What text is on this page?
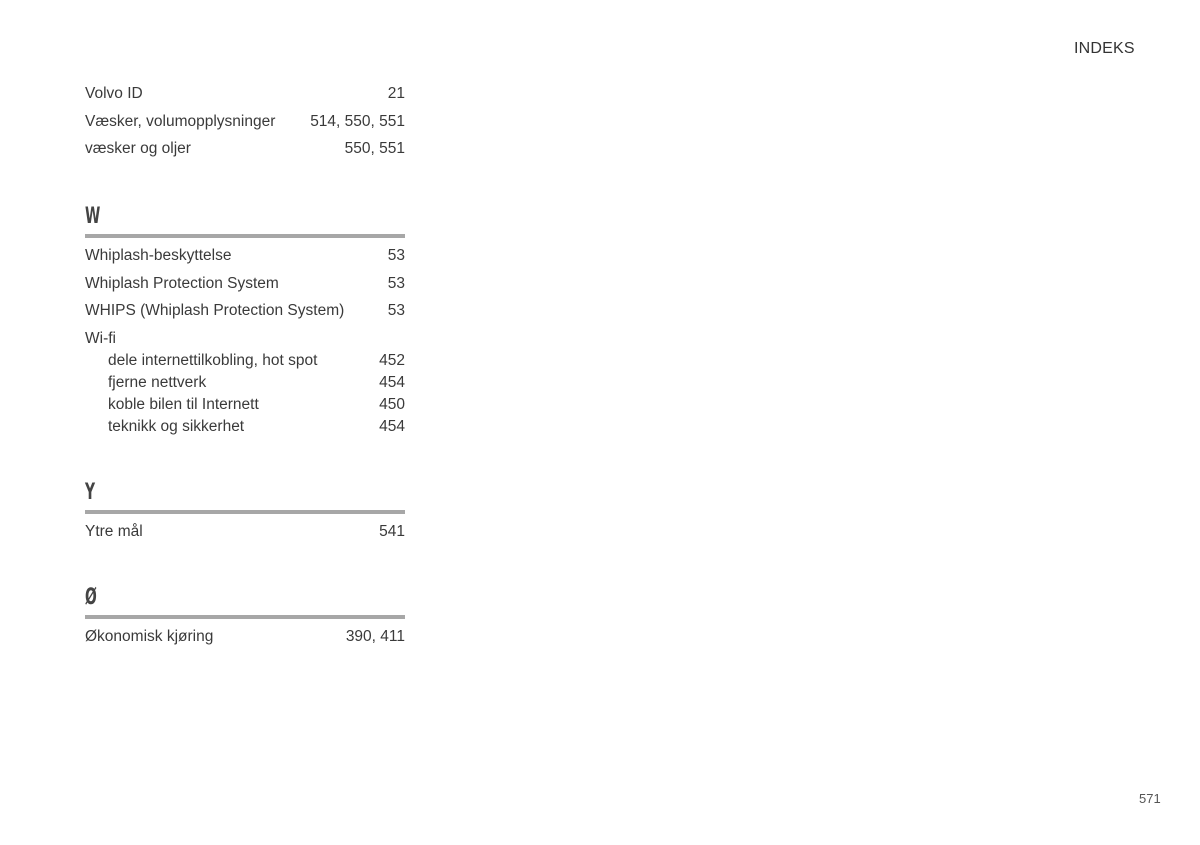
INDEKS
Volvo ID	21
Væsker, volumopplysninger 514, 550, 551
væsker og oljer	550, 551
W
Whiplash-beskyttelse	53
Whiplash Protection System	53
WHIPS (Whiplash Protection System)	53
Wi-fi
dele internettilkobling, hot spot	452
fjerne nettverk	454
koble bilen til Internett	450
teknikk og sikkerhet	454
Y
Ytre mål	541
Ø
Økonomisk kjøring	390, 411
571
